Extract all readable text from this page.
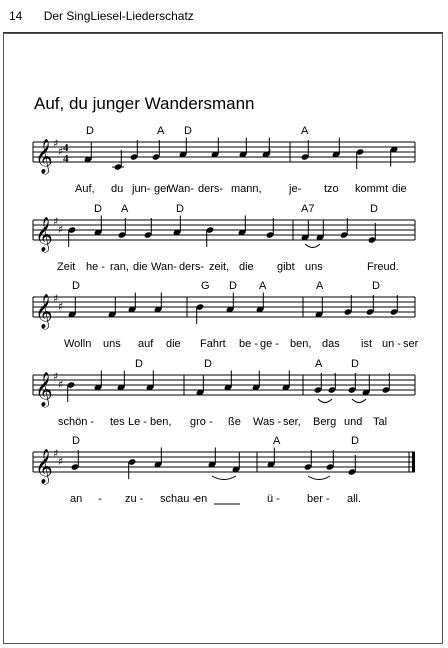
14 Der SingLiesel-Liederschatz
Auf, du junger Wandersmann
𝄞 ♯
♯ 4
4	𝄽
D	A D	A
Auf, du jun- ger
Wan- ders- mann, je- tzo kommt die
𝄞 ♯
♯
D A	D	A7	D
Zeit he - ran, die Wan- ders- zeit, die gibt uns	Freud.
𝄞 ♯
♯
D	G D A	A	D
Wolln uns auf die Fahrt be - ge - ben, das ist un - ser
𝄞 ♯
♯
D	D	A	D
schön - tes Le - ben, gro - ße Was - ser, Berg und Tal
𝄞 ♯
♯
D	A	D
an - zu - schau -
en	ü - ber - all.
